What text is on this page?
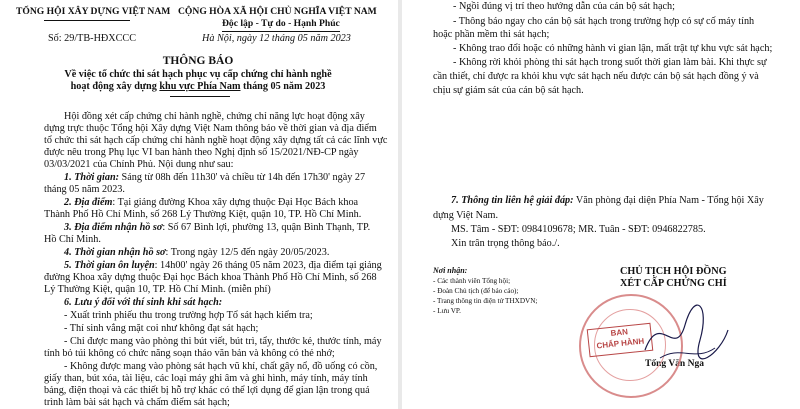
TỔNG HỘI XÂY DỰNG VIỆT NAM CỘNG HÒA XÃ HỘI CHỦ NGHĨA VIỆT NAM
Độc lập - Tự do - Hạnh Phúc
Số: 29/TB-HĐXCCC	Hà Nội, ngày 12 tháng 05 năm 2023
THÔNG BÁO
Về việc tổ chức thi sát hạch phục vụ cấp chứng chỉ hành nghề
hoạt động xây dựng khu vực Phía Nam tháng 05 năm 2023
Hội đồng xét cấp chứng chỉ hành nghề, chứng chỉ năng lực hoạt động xây
dựng trực thuộc Tổng hội Xây dựng Việt Nam thông báo về thời gian và địa điểm
tổ chức thi sát hạch cấp chứng chỉ hành nghề hoạt động xây dựng tất cả các lĩnh vực
được nêu trong Phụ lục VI ban hành theo Nghị định số 15/2021/NĐ-CP ngày
03/03/2021 của Chính Phủ. Nội dung như sau:
1. Thời gian: Sáng từ 08h đến 11h30' và chiều từ 14h đến 17h30' ngày 27
tháng 05 năm 2023.
2. Địa điểm: Tại giảng đường Khoa xây dựng thuộc Đại Học Bách khoa
Thành Phố Hồ Chí Minh, số 268 Lý Thường Kiệt, quận 10, TP. Hồ Chí Minh.
3. Địa điểm nhận hồ sơ: Số 67 Bình lợi, phường 13, quận Bình Thạnh, TP.
Hồ Chí Minh.
4. Thời gian nhận hồ sơ: Trong ngày 12/5 đến ngày 20/05/2023.
5. Thời gian ôn luyện: 14h00' ngày 26 tháng 05 năm 2023, địa điểm tại giảng
đường Khoa xây dựng thuộc Đại học Bách khoa Thành Phố Hồ Chí Minh, số 268
Lý Thường Kiệt, quận 10, TP. Hồ Chí Minh. (miễn phí)
6. Lưu ý đối với thí sinh khi sát hạch:
- Xuất trình phiếu thu trong trường hợp Tổ sát hạch kiểm tra;
- Thí sinh vắng mặt coi như không đạt sát hạch;
- Chỉ được mang vào phòng thi bút viết, bút trì, tẩy, thước kẻ, thước tính, máy
tính bỏ túi không có chức năng soạn thảo văn bản và không có thẻ nhớ;
- Không được mang vào phòng sát hạch vũ khí, chất gây nổ, đồ uống có cồn,
giấy than, bút xóa, tài liệu, các loại máy ghi âm và ghi hình, máy tính, máy tính
bảng, điện thoại và các thiết bị hỗ trợ khác có thể lợi dụng để gian lận trong quá
trình làm bài sát hạch và chấm điểm sát hạch;
- Ngồi đúng vị trí theo hướng dẫn của cán bộ sát hạch;
- Thông báo ngay cho cán bộ sát hạch trong trường hợp có sự cố máy tính
hoặc phần mềm thi sát hạch;
- Không trao đổi hoặc có những hành vi gian lận, mất trật tự khu vực sát hạch;
- Không rời khỏi phòng thi sát hạch trong suốt thời gian làm bài. Khi thực sự
cần thiết, chỉ được ra khỏi khu vực sát hạch nếu được cán bộ sát hạch đồng ý và
chịu sự giám sát của cán bộ sát hạch.
7. Thông tin liên hệ giải đáp: Văn phòng đại diện Phía Nam - Tổng hội Xây
dựng Việt Nam.
MS. Tâm - SĐT: 0984109678; MR. Tuân - SĐT: 0946822785.
Xin trân trọng thông báo./.
Nơi nhận:
- Các thành viên Tổng hội;
- Đoàn Chủ tịch (để báo cáo);
- Trang thông tin điện tử THXDVN;
- Lưu VP.
CHỦ TỊCH HỘI ĐỒNG
XÉT CẤP CHỨNG CHỈ
Tống Văn Nga
BAN
CHẤP HÀNH
